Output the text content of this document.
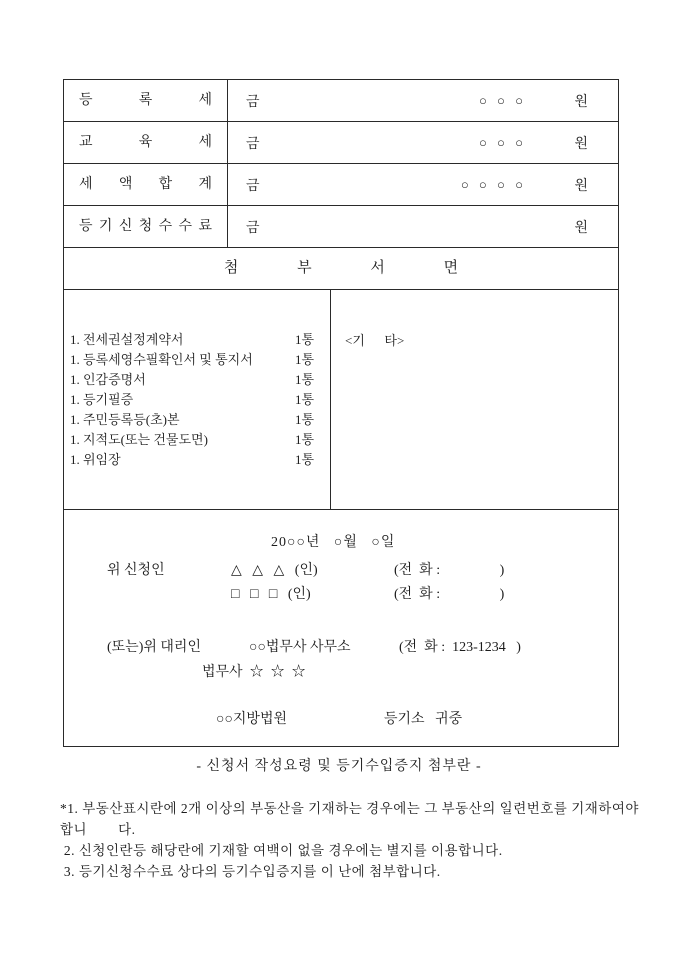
등 록 세	금	○ ○ ○	원
교 육 세	금	○ ○ ○	원
세 액 합 계	금	○ ○ ○ ○	원
등 기 신 청 수 수 료	금	원
첨 부 서 면
1. 전세권설정계약서	1통
1. 등록세영수필확인서 및 통지서	1통
1. 인감증명서	1통
1. 등기필증	1통
1. 주민등록등(초)본	1통
1. 지적도(또는 건물도면)	1통
1. 위임장	1통
<기      타>
20○○년   ○월   ○일
위 신청인	△   △   △   (인)	(전  화 :                 )
□   □   □   (인)	(전  화 :                 )
(또는)위 대리인	○○법무사 사무소	(전  화 :  123-1234   )
법무사  ☆  ☆  ☆
○○지방법원	등기소   귀중
- 신청서 작성요령 및 등기수입증지 첨부란 -
*1. 부동산표시란에 2개 이상의 부동산을 기재하는 경우에는 그 부동산의 일련번호를 기재하여야
합니        다.
2. 신청인란등 해당란에 기재할 여백이 없을 경우에는 별지를 이용합니다.
3. 등기신청수수료 상다의 등기수입증지를 이 난에 첨부합니다.
